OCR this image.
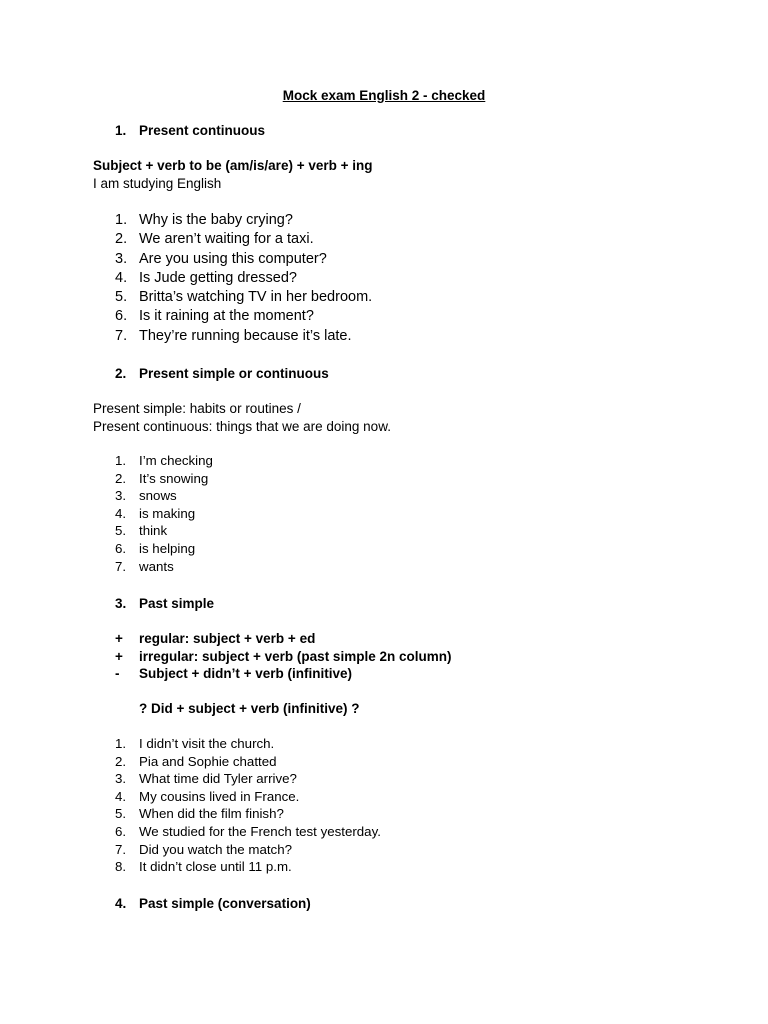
Mock exam English 2 - checked
1. Present continuous
Subject + verb to be (am/is/are) + verb + ing
I am studying English
1. Why is the baby crying?
2. We aren’t waiting for a taxi.
3. Are you using this computer?
4. Is Jude getting dressed?
5. Britta’s watching TV in her bedroom.
6. Is it raining at the moment?
7. They’re running because it’s late.
2. Present simple or continuous
Present simple: habits or routines /
Present continuous: things that we are doing now.
1. I’m checking
2. It’s snowing
3. snows
4. is making
5. think
6. is helping
7. wants
3. Past simple
+ regular: subject + verb + ed
+ irregular: subject + verb (past simple 2n column)
- Subject + didn’t + verb (infinitive)
? Did + subject + verb (infinitive) ?
1. I didn’t visit the church.
2. Pia and Sophie chatted
3. What time did Tyler arrive?
4. My cousins lived in France.
5. When did the film finish?
6. We studied for the French test yesterday.
7. Did you watch the match?
8. It didn’t close until 11 p.m.
4. Past simple (conversation)
